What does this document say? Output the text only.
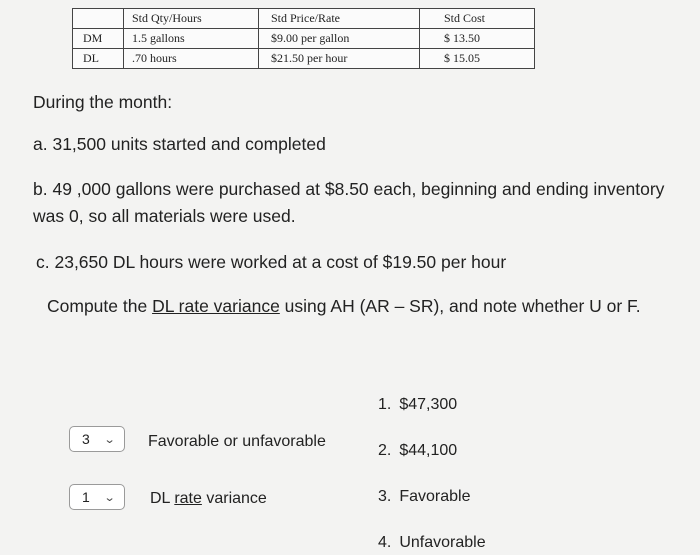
	Std Qty/Hours	Std Price/Rate	Std Cost
DM	1.5 gallons	$9.00 per gallon	$ 13.50
DL	.70 hours	$21.50 per hour	$ 15.05
During the month:
a. 31,500 units started and completed
b. 49 ,000 gallons were purchased at $8.50 each, beginning and ending inventory
was 0, so all materials were used.
c. 23,650 DL hours were worked at a cost of $19.50 per hour
Compute the DL rate variance using AH (AR – SR), and note whether U or F.
3 ⌄ Favorable or unfavorable
1 ⌄ DL rate variance
1. $47,300
2. $44,100
3. Favorable
4. Unfavorable
